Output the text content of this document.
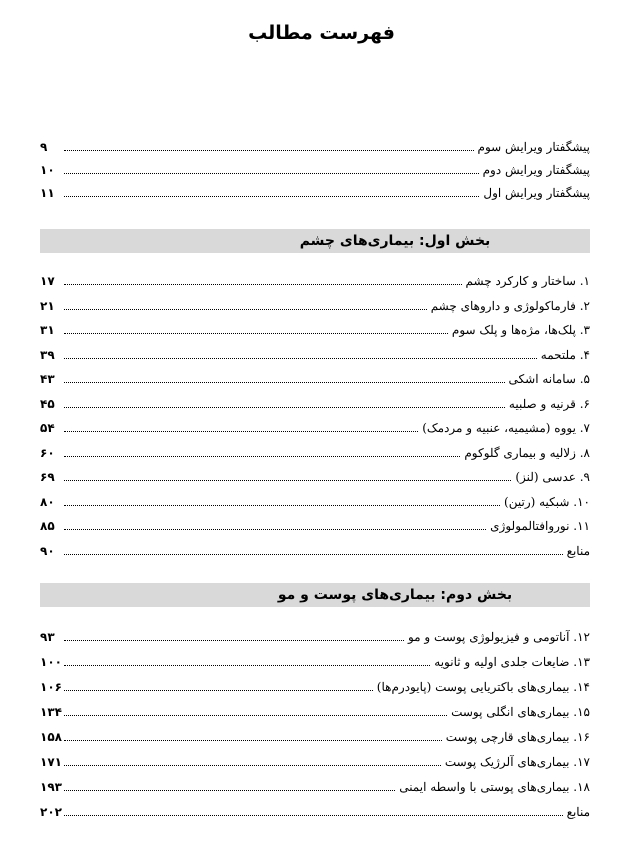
فهرست مطالب
پیشگفتار ویرایش سوم
۹
پیشگفتار ویرایش دوم
۱۰
پیشگفتار ویرایش اول
۱۱
بخش اول: بیماری‌های چشم
۱. ساختار و کارکرد چشم
۱۷
۲. فارماکولوژی و داروهای چشم
۲۱
۳. پلک‌ها، مژه‌ها و پلک سوم
۳۱
۴. ملتحمه
۳۹
۵. سامانه اشکی
۴۳
۶. قرنیه و صلبیه
۴۵
۷. یووه (مشیمیه، عنبیه و مردمک)
۵۴
۸. زلالیه و بیماری گلوکوم
۶۰
۹. عدسی (لنز)
۶۹
۱۰. شبکیه (رتین)
۸۰
۱۱. نوروافتالمولوژی
۸۵
منابع
۹۰
بخش دوم: بیماری‌های پوست و مو
۱۲. آناتومی و فیزیولوژی پوست و مو
۹۳
۱۳. ضایعات جلدی اولیه و ثانویه
۱۰۰
۱۴. بیماری‌های باکتریایی پوست (پایودرم‌ها)
۱۰۶
۱۵. بیماری‌های انگلی پوست
۱۳۴
۱۶. بیماری‌های قارچی پوست
۱۵۸
۱۷. بیماری‌های آلرژیک پوست
۱۷۱
۱۸. بیماری‌های پوستی با واسطه ایمنی
۱۹۳
منابع
۲۰۲
